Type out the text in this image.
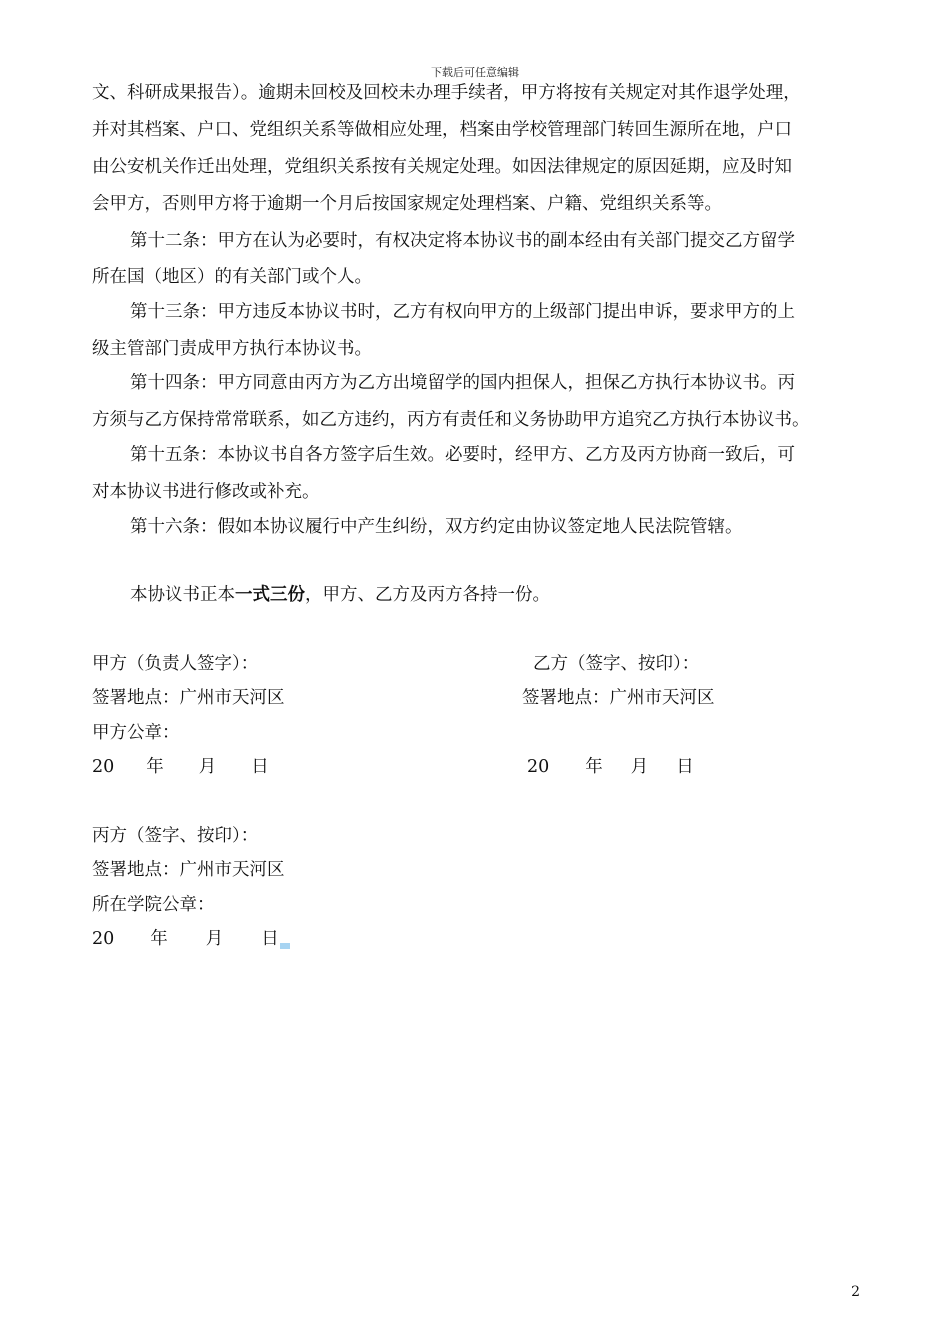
下载后可任意编辑
文、科研成果报告）。逾期未回校及回校未办理手续者，甲方将按有关规定对其作退学处理，
并对其档案、户口、党组织关系等做相应处理，档案由学校管理部门转回生源所在地，户口
由公安机关作迁出处理，党组织关系按有关规定处理。如因法律规定的原因延期，应及时知
会甲方，否则甲方将于逾期一个月后按国家规定处理档案、户籍、党组织关系等。
第十二条：甲方在认为必要时，有权决定将本协议书的副本经由有关部门提交乙方留学
所在国（地区）的有关部门或个人。
第十三条：甲方违反本协议书时，乙方有权向甲方的上级部门提出申诉，要求甲方的上
级主管部门责成甲方执行本协议书。
第十四条：甲方同意由丙方为乙方出境留学的国内担保人，担保乙方执行本协议书。丙
方须与乙方保持常常联系，如乙方违约，丙方有责任和义务协助甲方追究乙方执行本协议书。
第十五条：本协议书自各方签字后生效。必要时，经甲方、乙方及丙方协商一致后，可
对本协议书进行修改或补充。
第十六条：假如本协议履行中产生纠纷，双方约定由协议签定地人民法院管辖。
本协议书正本一式三份，甲方、乙方及丙方各持一份。
甲方（负责人签字）：
签署地点：广州市天河区
甲方公章：
20 年 月 日
乙方（签字、按印）：
签署地点：广州市天河区
20 年 月 日
丙方（签字、按印）：
签署地点：广州市天河区
所在学院公章：
20 年 月 日
2
